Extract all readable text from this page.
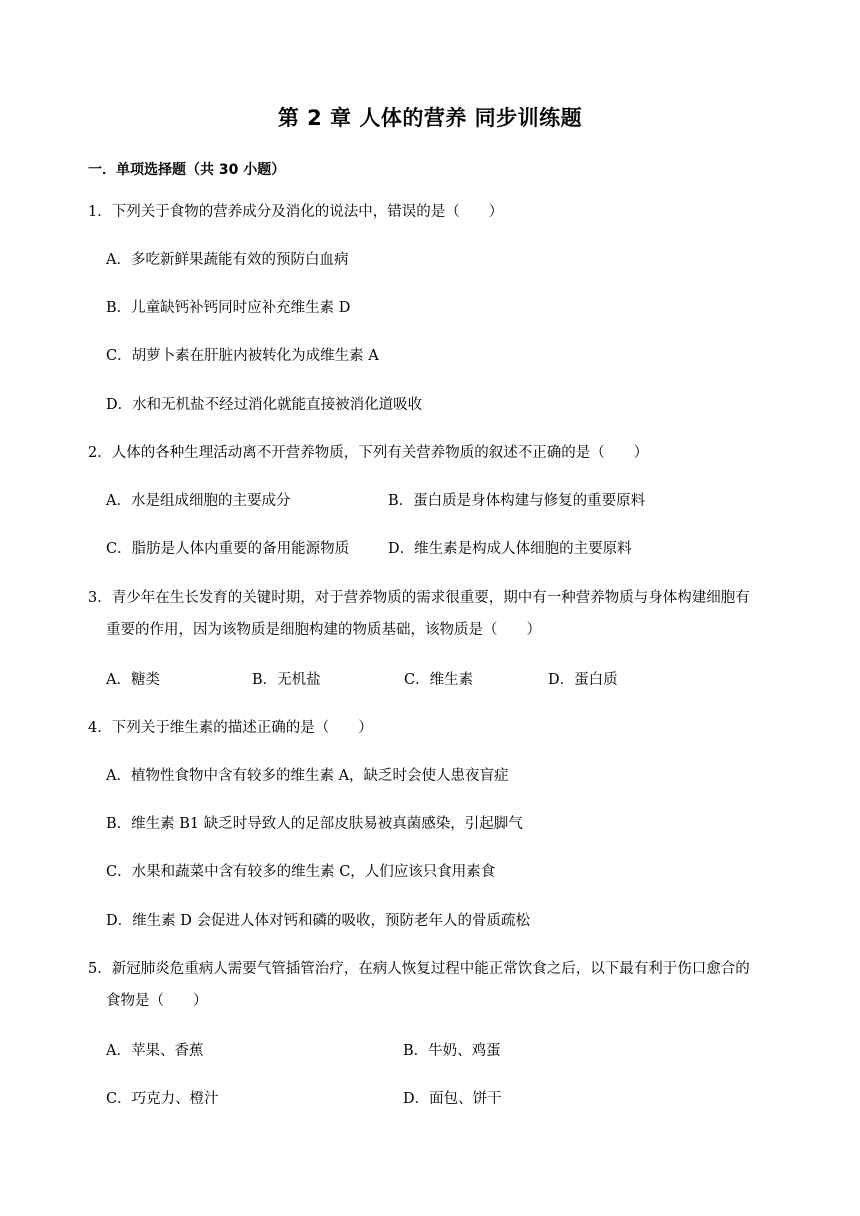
第 2 章 人体的营养 同步训练题
一．单项选择题（共 30 小题）
1．下列关于食物的营养成分及消化的说法中，错误的是（　　）
A．多吃新鲜果蔬能有效的预防白血病
B．儿童缺钙补钙同时应补充维生素 D
C．胡萝卜素在肝脏内被转化为成维生素 A
D．水和无机盐不经过消化就能直接被消化道吸收
2．人体的各种生理活动离不开营养物质，下列有关营养物质的叙述不正确的是（　　）
A．水是组成细胞的主要成分	B．蛋白质是身体构建与修复的重要原料
C．脂肪是人体内重要的备用能源物质	D．维生素是构成人体细胞的主要原料
3．青少年在生长发育的关键时期，对于营养物质的需求很重要，期中有一种营养物质与身体构建细胞有
重要的作用，因为该物质是细胞构建的物质基础，该物质是（　　）
A．糖类	B．无机盐	C．维生素	D．蛋白质
4．下列关于维生素的描述正确的是（　　）
A．植物性食物中含有较多的维生素 A，缺乏时会使人患夜盲症
B．维生素 B1 缺乏时导致人的足部皮肤易被真菌感染，引起脚气
C．水果和蔬菜中含有较多的维生素 C，人们应该只食用素食
D．维生素 D 会促进人体对钙和磷的吸收，预防老年人的骨质疏松
5．新冠肺炎危重病人需要气管插管治疗，在病人恢复过程中能正常饮食之后，以下最有利于伤口愈合的
食物是（　　）
A．苹果、香蕉	B．牛奶、鸡蛋
C．巧克力、橙汁	D．面包、饼干
